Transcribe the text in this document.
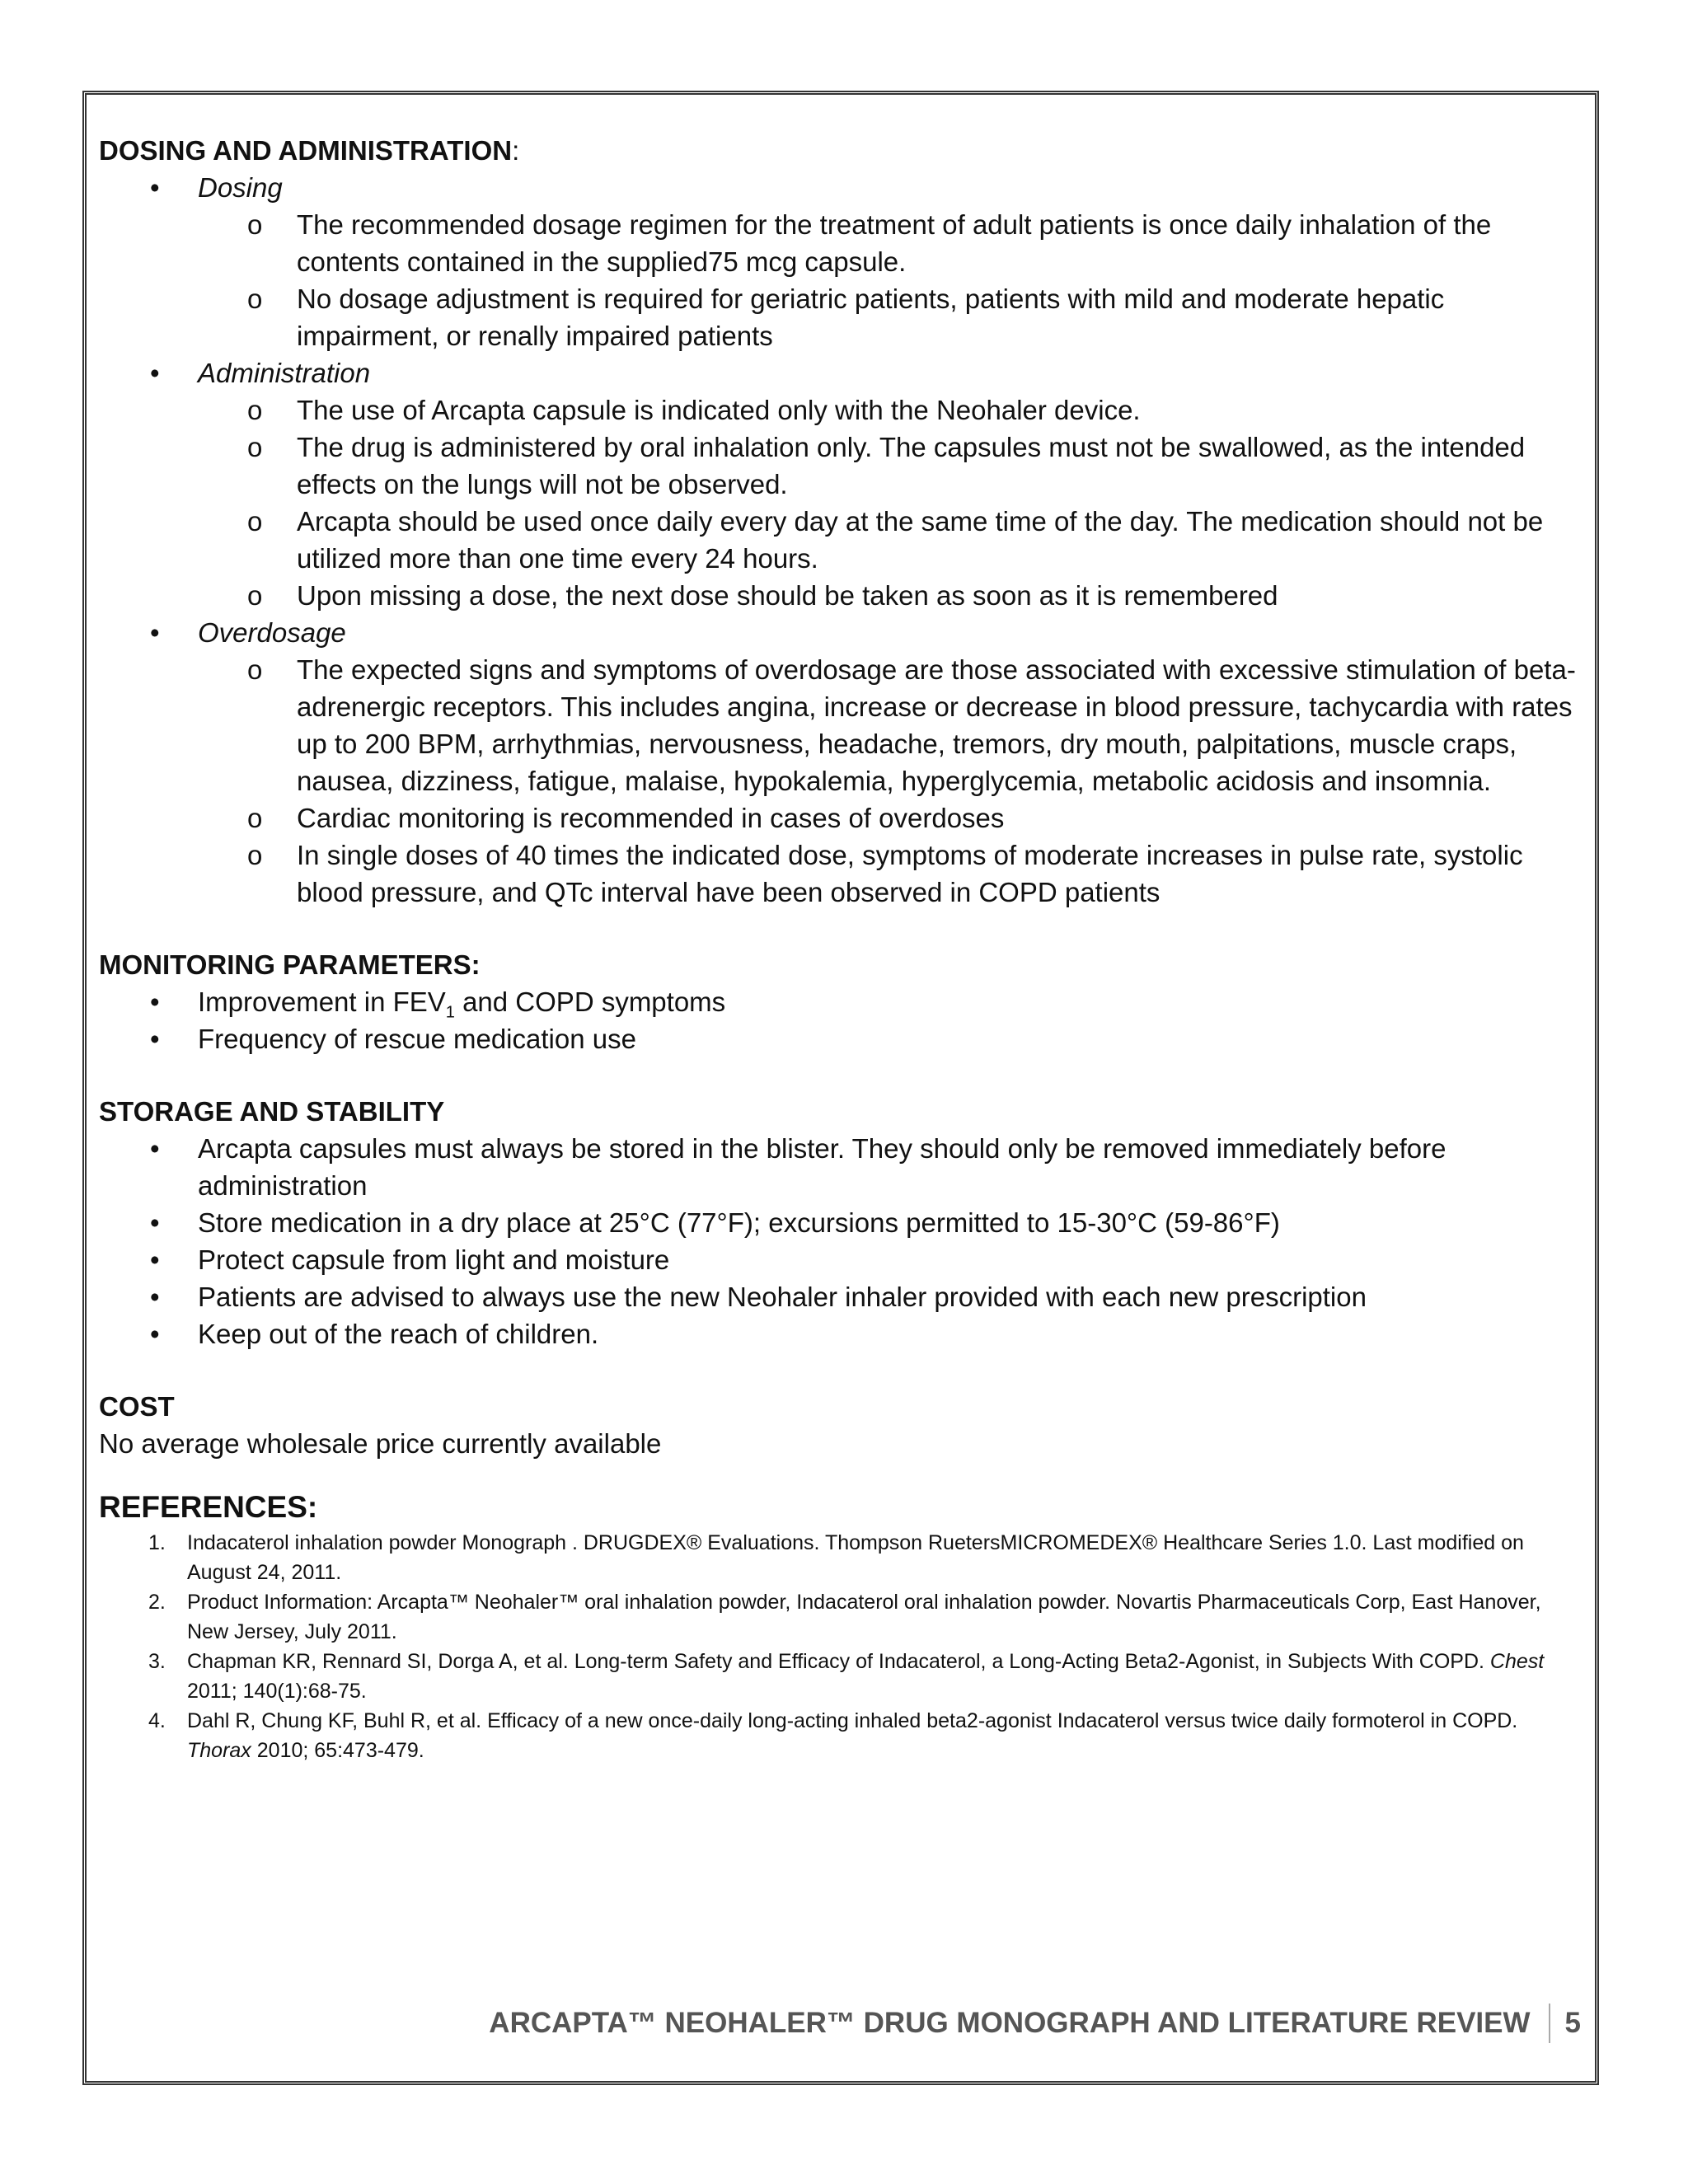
DOSING AND ADMINISTRATION:

• Dosing
o The recommended dosage regimen for the treatment of adult patients is once daily inhalation of the contents contained in the supplied75 mcg capsule.
o No dosage adjustment is required for geriatric patients, patients with mild and moderate hepatic impairment, or renally impaired patients
• Administration
o The use of Arcapta capsule is indicated only with the Neohaler device.
o The drug is administered by oral inhalation only. The capsules must not be swallowed, as the intended effects on the lungs will not be observed.
o Arcapta should be used once daily every day at the same time of the day. The medication should not be utilized more than one time every 24 hours.
o Upon missing a dose, the next dose should be taken as soon as it is remembered
• Overdosage
o The expected signs and symptoms of overdosage are those associated with excessive stimulation of beta-adrenergic receptors. This includes angina, increase or decrease in blood pressure, tachycardia with rates up to 200 BPM, arrhythmias, nervousness, headache, tremors, dry mouth, palpitations, muscle craps, nausea, dizziness, fatigue, malaise, hypokalemia, hyperglycemia, metabolic acidosis and insomnia.
o Cardiac monitoring is recommended in cases of overdoses
o In single doses of 40 times the indicated dose, symptoms of moderate increases in pulse rate, systolic blood pressure, and QTc interval have been observed in COPD patients

MONITORING PARAMETERS:

• Improvement in $FEV_1$ and COPD symptoms
• Frequency of rescue medication use

STORAGE AND STABILITY

• Arcapta capsules must always be stored in the blister. They should only be removed immediately before administration
• Store medication in a dry place at 25°C (77°F); excursions permitted to 15-30°C (59-86°F)
• Protect capsule from light and moisture
• Patients are advised to always use the new Neohaler inhaler provided with each new prescription
• Keep out of the reach of children.

COST

No average wholesale price currently available

REFERENCES:

1. Indacaterol inhalation powder Monograph . DRUGDEX® Evaluations. Thompson RuetersMICROMEDEX® Healthcare Series 1.0. Last modified on August 24, 2011.
2. Product Information: Arcapta™ Neohaler™ oral inhalation powder, Indacaterol oral inhalation powder. Novartis Pharmaceuticals Corp, East Hanover, New Jersey, July 2011.
3. Chapman KR, Rennard SI, Dorga A, et al. Long-term Safety and Efficacy of Indacaterol, a Long-Acting Beta2-Agonist, in Subjects With COPD. Chest 2011; 140(1):68-75.
4. Dahl R, Chung KF, Buhl R, et al. Efficacy of a new once-daily long-acting inhaled beta2-agonist Indacaterol versus twice daily formoterol in COPD. Thorax 2010; 65:473-479.
ARCAPTA™ NEOHALER™ DRUG MONOGRAPH AND LITERATURE REVIEW 5
